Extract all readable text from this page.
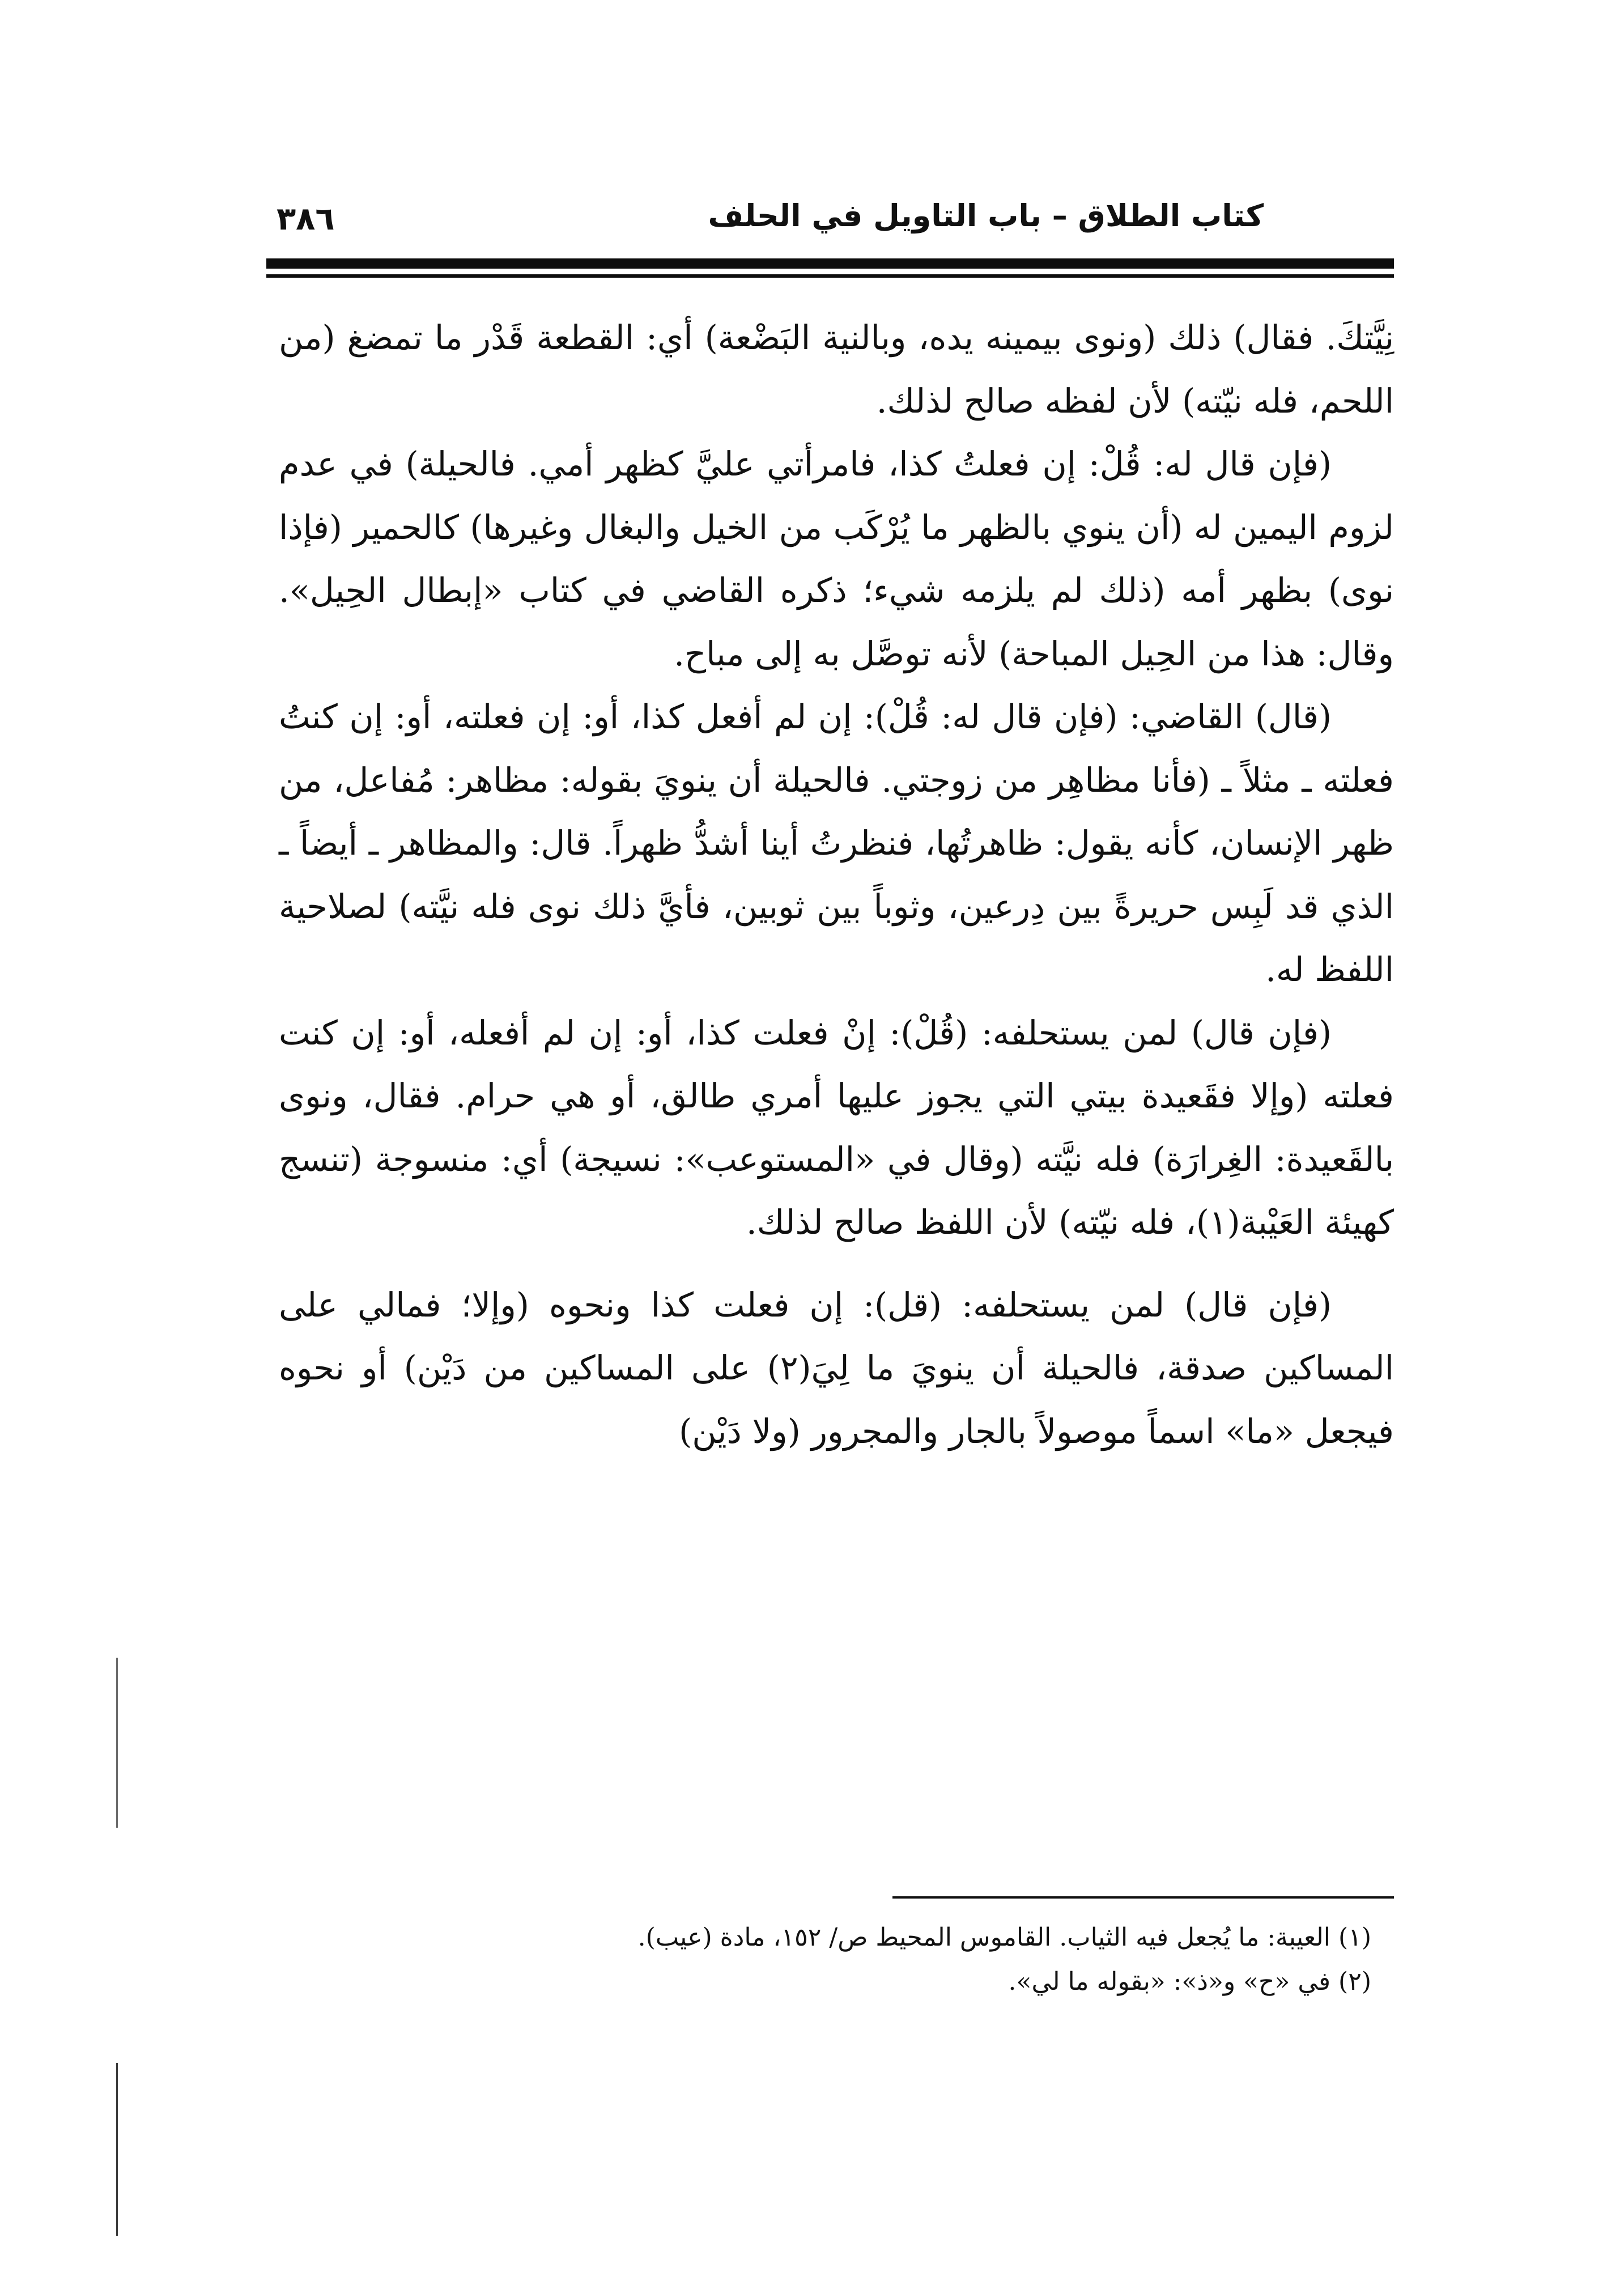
كتاب الطلاق – باب التاويل في الحلف
٣٨٦

نِيَّتكَ. فقال) ذلك (ونوى بيمينه يده، وبالنية البَضْعة) أي: القطعة قَدْر ما تمضغ (من اللحم، فله نيّته) لأن لفظه صالح لذلك.

(فإن قال له: قُلْ: إن فعلتُ كذا، فامرأتي عليَّ كظهر أمي. فالحيلة) في عدم لزوم اليمين له (أن ينوي بالظهر ما يُرْكَب من الخيل والبغال وغيرها) كالحمير (فإذا نوى) بظهر أمه (ذلك لم يلزمه شيء؛ ذكره القاضي في كتاب «إبطال الحِيل». وقال: هذا من الحِيل المباحة) لأنه توصَّل به إلى مباح.

(قال) القاضي: (فإن قال له: قُلْ): إن لم أفعل كذا، أو: إن فعلته، أو: إن كنتُ فعلته ـ مثلاً ـ (فأنا مظاهِر من زوجتي. فالحيلة أن ينويَ بقوله: مظاهر: مُفاعل، من ظهر الإنسان، كأنه يقول: ظاهرتُها، فنظرتُ أينا أشدُّ ظهراً. قال: والمظاهر ـ أيضاً ـ الذي قد لَبِس حريرةً بين دِرعين، وثوباً بين ثوبين، فأيَّ ذلك نوى فله نيَّته) لصلاحية اللفظ له.

(فإن قال) لمن يستحلفه: (قُلْ): إنْ فعلت كذا، أو: إن لم أفعله، أو: إن كنت فعلته (وإلا فقَعيدة بيتي التي يجوز عليها أمري طالق، أو هي حرام. فقال، ونوى بالقَعيدة: الغِرارَة) فله نيَّته (وقال في «المستوعب»: نسيجة) أي: منسوجة (تنسج كهيئة العَيْبة(١)، فله نيّته) لأن اللفظ صالح لذلك.

(فإن قال) لمن يستحلفه: (قل): إن فعلت كذا ونحوه (وإلا؛ فمالي على المساكين صدقة، فالحيلة أن ينويَ ما لِيَ(٢) على المساكين من دَيْن) أو نحوه فيجعل «ما» اسماً موصولاً بالجار والمجرور (ولا دَيْن)

(١) العيبة: ما يُجعل فيه الثياب. القاموس المحيط ص/ ١٥٢، مادة (عيب).

(٢) في «ح» و«ذ»: «بقوله ما لي».
